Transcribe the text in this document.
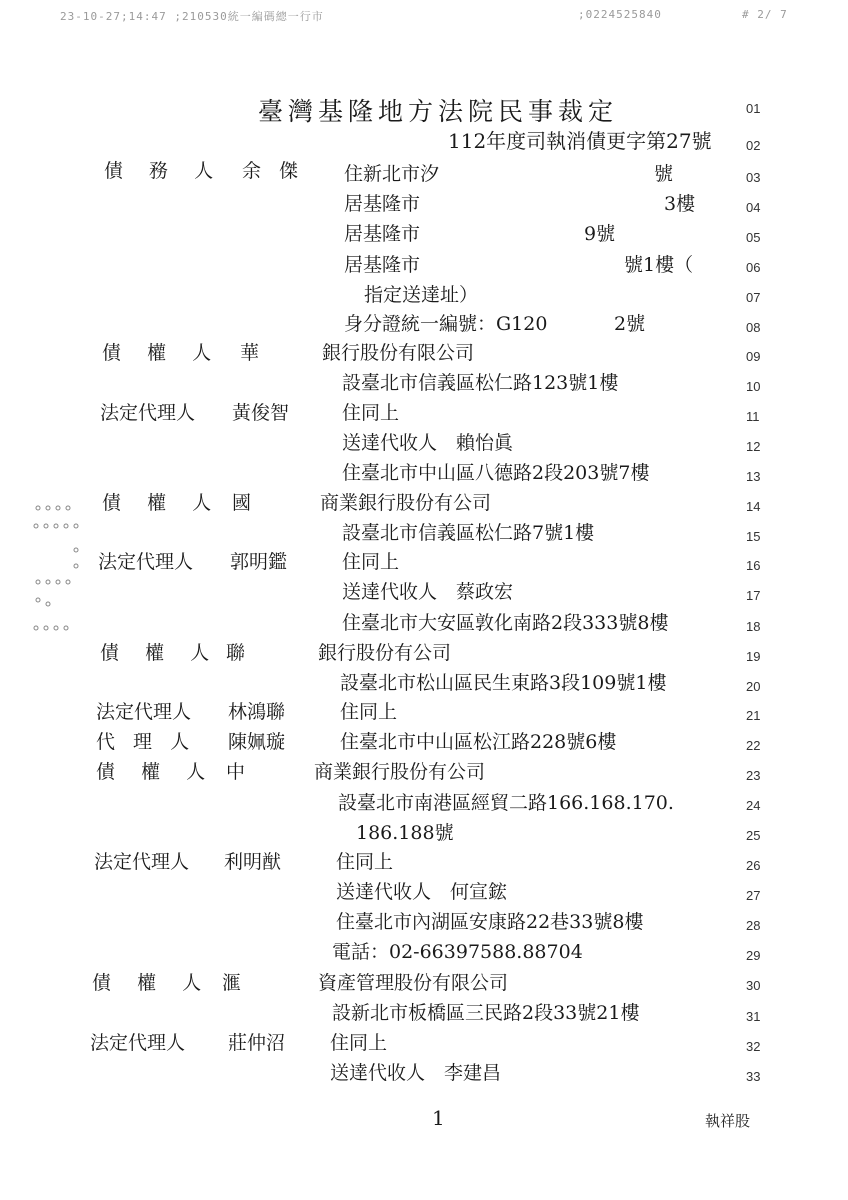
23-10-27;14:47 ;210530統一編碼總一行市	;0224525840	# 2/ 7
臺灣基隆地方法院民事裁定
112年度司執消債更字第27號
01
02
03
04
05
06
07
08
09
10
11
12
13
14
15
16
17
18
19
20
21
22
23
24
25
26
27
28
29
30
31
32
33
債 務 人 余 傑 住新北市汐	號
居基隆市	3樓
居基隆市	9號
居基隆市	號1樓（
指定送達址）
身分證統一編號：G120	2號
債 權 人 華	銀行股份有限公司
設臺北市信義區松仁路123號1樓
法定代理人 黃俊智	住同上
送達代收人　賴怡眞
住臺北市中山區八德路2段203號7樓
債 權 人 國	商業銀行股份有公司
設臺北市信義區松仁路7號1樓
法定代理人 郭明鑑	住同上
送達代收人　蔡政宏
住臺北市大安區敦化南路2段333號8樓
債 權 人 聯	銀行股份有公司
設臺北市松山區民生東路3段109號1樓
法定代理人 林鴻聯	住同上
代 理 人 陳姵璇	住臺北市中山區松江路228號6樓
債 權 人 中	商業銀行股份有公司
設臺北市南港區經貿二路166.168.170.
186.188號
法定代理人 利明猷	住同上
送達代收人　何宣鋐
住臺北市內湖區安康路22巷33號8樓
電話：02-66397588.88704
債 權 人 滙	資產管理股份有限公司
設新北市板橋區三民路2段33號21樓
法定代理人 莊仲沼 住同上
送達代收人　李建昌
1	執祥股
